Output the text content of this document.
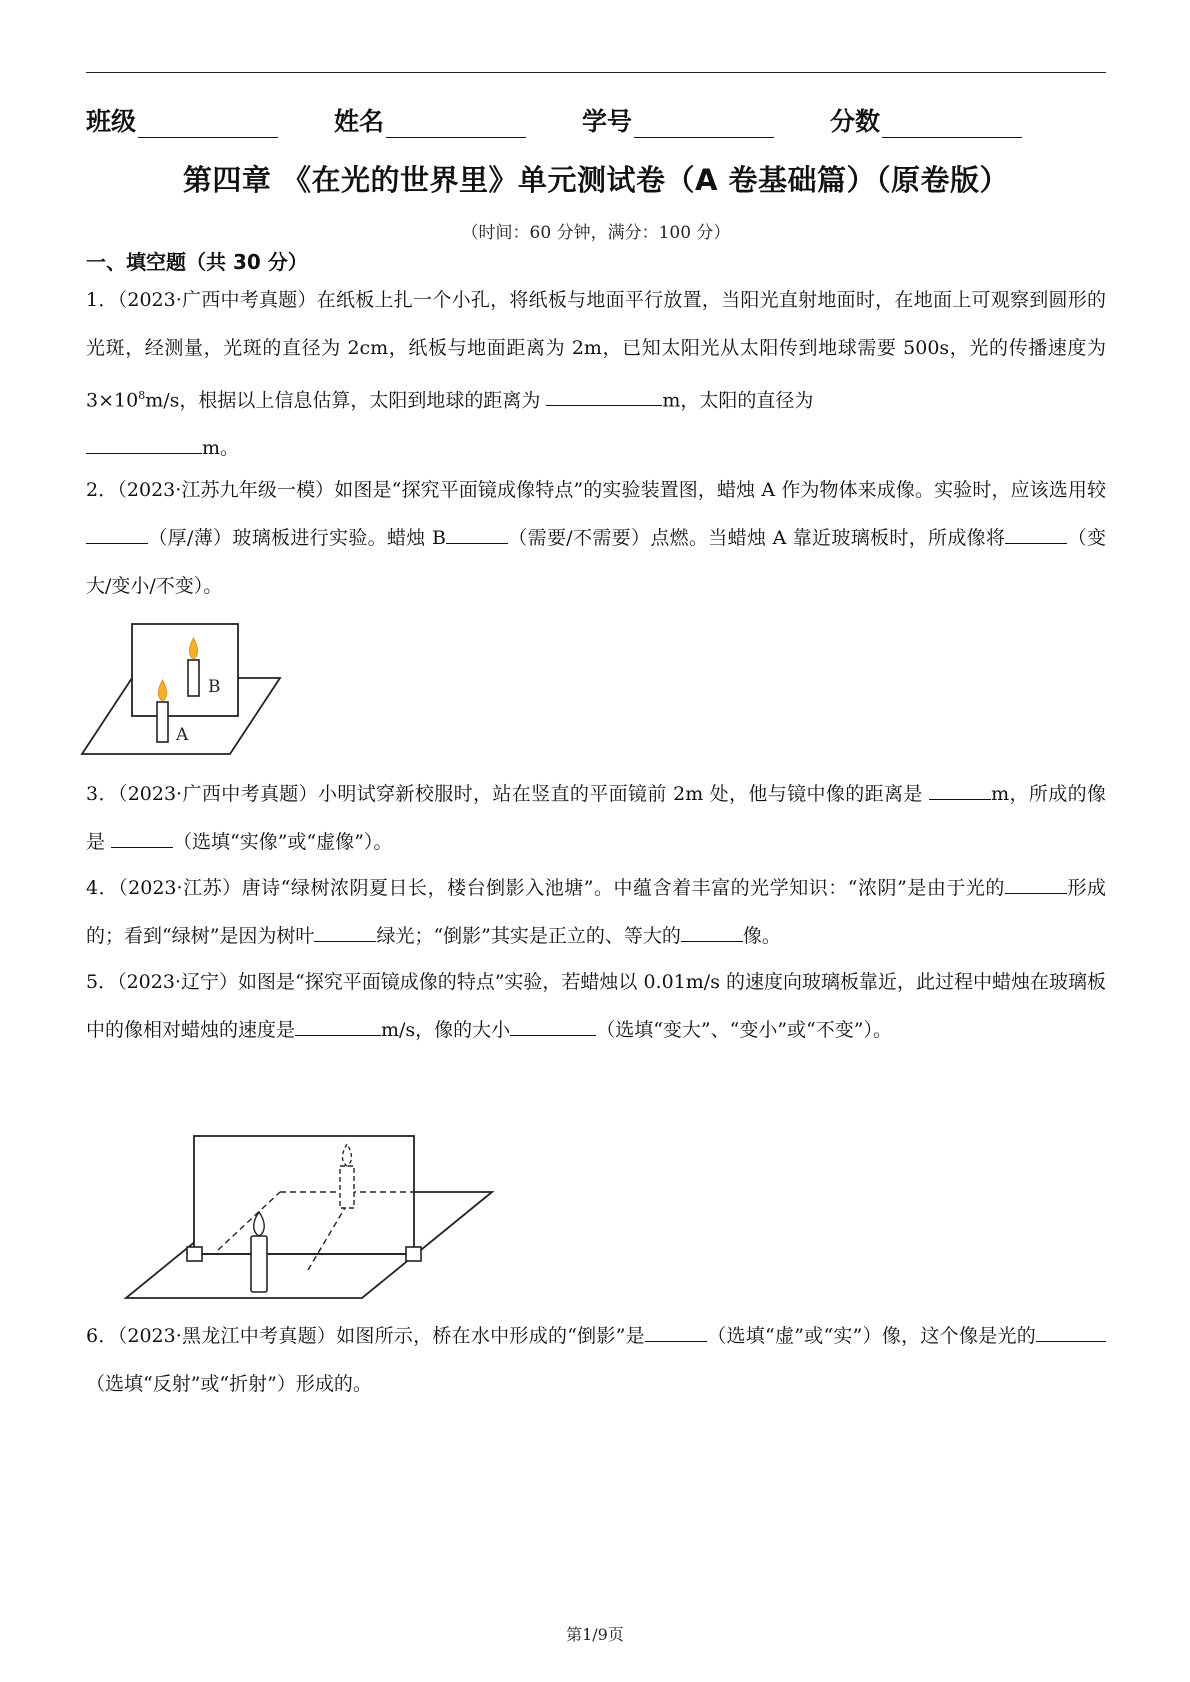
班级	姓名	学号	分数
第四章 《在光的世界里》单元测试卷（A 卷基础篇）（原卷版）
（时间：60 分钟，满分：100 分）
一、填空题（共 30 分）
1．（2023·广西中考真题）在纸板上扎一个小孔，将纸板与地面平行放置，当阳光直射地面时，在地面上可观察到圆形的光斑，经测量，光斑的直径为 2cm，纸板与地面距离为 2m，已知太阳光从太阳传到地球需要 500s，光的传播速度为 $3\times 10^8m/s$，根据以上信息估算，太阳到地球的距离为	m，太阳的直径为
m。
2．（2023·江苏九年级一模）如图是“探究平面镜成像特点”的实验装置图，蜡烛 A 作为物体来成像。实验时，应该选用较（厚/薄）玻璃板进行实验。蜡烛 B	（需要/不需要）点燃。当蜡烛 A 靠近玻璃板时，所成像将	（变大/变小/不变）。
B
A
3．（2023·广西中考真题）小明试穿新校服时，站在竖直的平面镜前 2m 处，他与镜中像的距离是	m，所成的像是	（选填“实像”或“虚像”）。
4．（2023·江苏）唐诗“绿树浓阴夏日长，楼台倒影入池塘”。中蕴含着丰富的光学知识：“浓阴”是由于光的	形成的；看到“绿树”是因为树叶	绿光；“倒影”其实是正立的、等大的	像。
5．（2023·辽宁）如图是“探究平面镜成像的特点”实验，若蜡烛以 0.01m/s 的速度向玻璃板靠近，此过程中蜡烛在玻璃板中的像相对蜡烛的速度是	m/s，像的大小	（选填“变大”、“变小”或“不变”）。
6．（2023·黑龙江中考真题）如图所示，桥在水中形成的“倒影”是	（选填“虚”或“实”）像，这个像是光的（选填“反射”或“折射”）形成的。
第1/9页
